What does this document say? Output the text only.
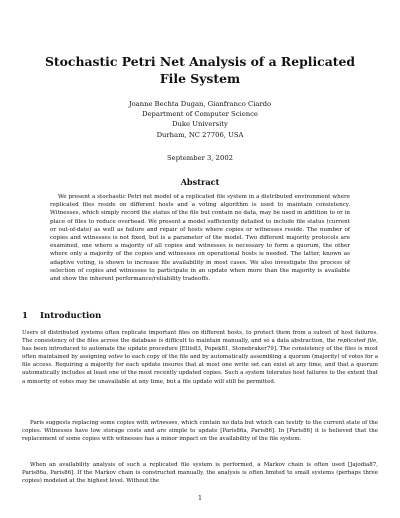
Stochastic Petri Net Analysis of a Replicated File System
Joanne Bechta Dugan, Gianfranco Ciardo
Department of Computer Science
Duke University
Durham, NC 27706, USA
September 3, 2002
Abstract

We present a stochastic Petri net model of a replicated file system in a distributed environment where replicated files reside on different hosts and a voting algorithm is used to maintain consistency. Witnesses, which simply record the status of the file but contain no data, may be used in addition to or in place of files to reduce overhead. We present a model sufficiently detailed to include file status (current or out-of-date) as well as failure and repair of hosts where copies or witnesses reside. The number of copies and witnesses is not fixed, but is a parameter of the model. Two different majority protocols are examined, one where a majority of all copies and witnesses is necessary to form a quorum, the other where only a majority of the copies and witnesses on operational hosts is needed. The latter, known as adaptive voting, is shown to increase file availability in most cases. We also investigate the process of selection of copies and witnesses to participate in an update when more than the majority is available and show the inherent performance/reliability tradeoffs.

1 Introduction

Users of distributed systems often replicate important files on different hosts, to protect them from a subset of host failures. The consistency of the files across the database is difficult to maintain manually, and so a data abstraction, the replicated file, has been introduced to automate the update procedure [Ellis83, Popek81, Stonebraker79]. The consistency of the files is most often maintained by assigning votes to each copy of the file and by automatically assembling a quorum (majority) of votes for a file access. Requiring a majority for each update insures that at most one write set can exist at any time, and that a quorum automatically includes at least one of the most recently updated copies. Such a system tolerates host failures to the extent that a minority of votes may be unavailable at any time, but a file update will still be permitted.

Paris suggests replacing some copies with witnesses, which contain no data but which can testify to the current state of the copies. Witnesses have low storage costs and are simple to update [Paris86a, Paris86]. In [Paris86] it is believed that the replacement of some copies with witnesses has a minor impact on the availability of the file system.

When an availability analysis of such a replicated file system is performed, a Markov chain is often used [Jajodia87, Paris86a, Paris86]. If the Markov chain is constructed manually, the analysis is often limited to small systems (perhaps three copies) modeled at the highest level. Without the

1
